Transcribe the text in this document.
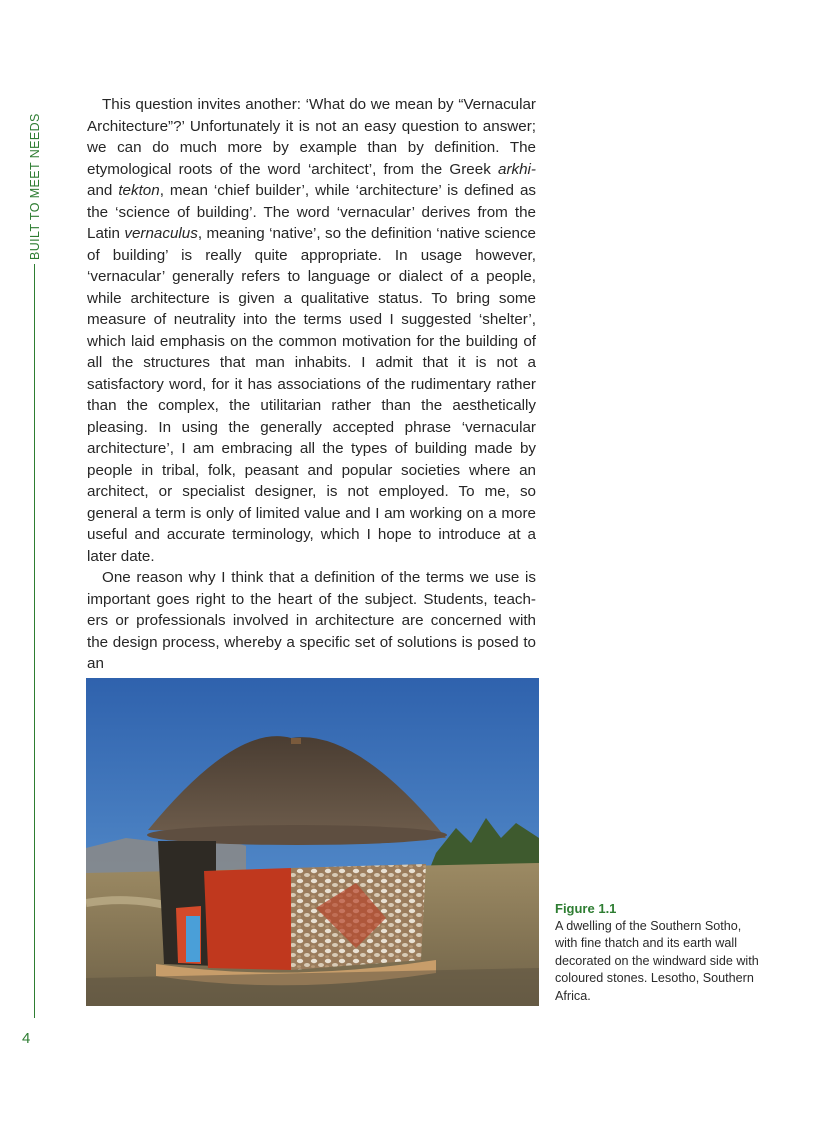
BUILT TO MEET NEEDS
4

This question invites another: ‘What do we mean by “Vernacular Architecture”?’ Unfortunately it is not an easy question to answer; we can do much more by example than by definition. The etymological roots of the word ‘architect’, from the Greek arkhi- and tekton, mean ‘chief builder’, while ‘architecture’ is defined as the ‘science of building’. The word ‘vernacular’ derives from the Latin vernaculus, meaning ‘native’, so the definition ‘native science of building’ is really quite appropriate. In usage however, ‘vernacular’ generally refers to language or dialect of a people, while architecture is given a qualitative status. To bring some measure of neutrality into the terms used I suggested ‘shelter’, which laid emphasis on the common motivation for the building of all the structures that man inhabits. I admit that it is not a satisfactory word, for it has associations of the rudimentary rather than the complex, the utilitarian rather than the aesthetically pleasing. In using the generally accepted phrase ‘vernacular architecture’, I am embracing all the types of building made by people in tribal, folk, peasant and popular societies where an architect, or specialist designer, is not employed. To me, so general a term is only of limited value and I am working on a more useful and accurate terminology, which I hope to introduce at a later date.

One reason why I think that a definition of the terms we use is important goes right to the heart of the subject. Students, teach-ers or professionals involved in architecture are concerned with the design process, whereby a specific set of solutions is posed to an

Figure 1.1
A dwelling of the Southern Sotho, with fine thatch and its earth wall decorated on the windward side with coloured stones. Lesotho, Southern Africa.
